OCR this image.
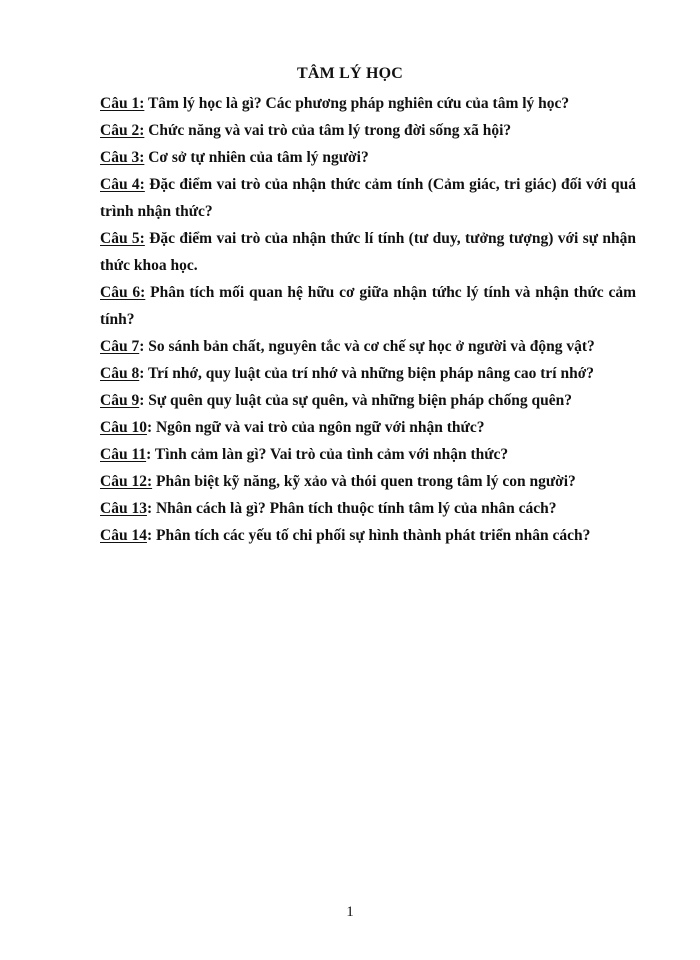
TÂM LÝ HỌC
Câu 1: Tâm lý học là gì? Các phương pháp nghiên cứu của tâm lý học?
Câu 2: Chức năng và vai trò của tâm lý trong đời sống xã hội?
Câu 3: Cơ sở tự nhiên của tâm lý người?
Câu 4: Đặc điểm vai trò của nhận thức cảm tính (Cảm giác, tri giác) đối với quá trình nhận thức?
Câu 5: Đặc điểm vai trò của nhận thức lí tính (tư duy, tưởng tượng) với sự nhận thức khoa học.
Câu 6: Phân tích mối quan hệ hữu cơ giữa nhận tứhc lý tính và nhận thức cảm tính?
Câu 7: So sánh bản chất, nguyên tắc và cơ chế sự học ở người và động vật?
Câu 8: Trí nhớ, quy luật của trí nhớ và những biện pháp nâng cao trí nhớ?
Câu 9: Sự quên quy luật của sự quên, và những biện pháp chống quên?
Câu 10: Ngôn ngữ và vai trò của ngôn ngữ với nhận thức?
Câu 11: Tình cảm làn gì? Vai trò của tình cảm với nhận thức?
Câu 12: Phân biệt kỹ năng, kỹ xảo và thói quen trong tâm lý con người?
Câu 13: Nhân cách là gì? Phân tích thuộc tính tâm lý của nhân cách?
Câu 14: Phân tích các yếu tố chi phối sự hình thành phát triển nhân cách?
1
